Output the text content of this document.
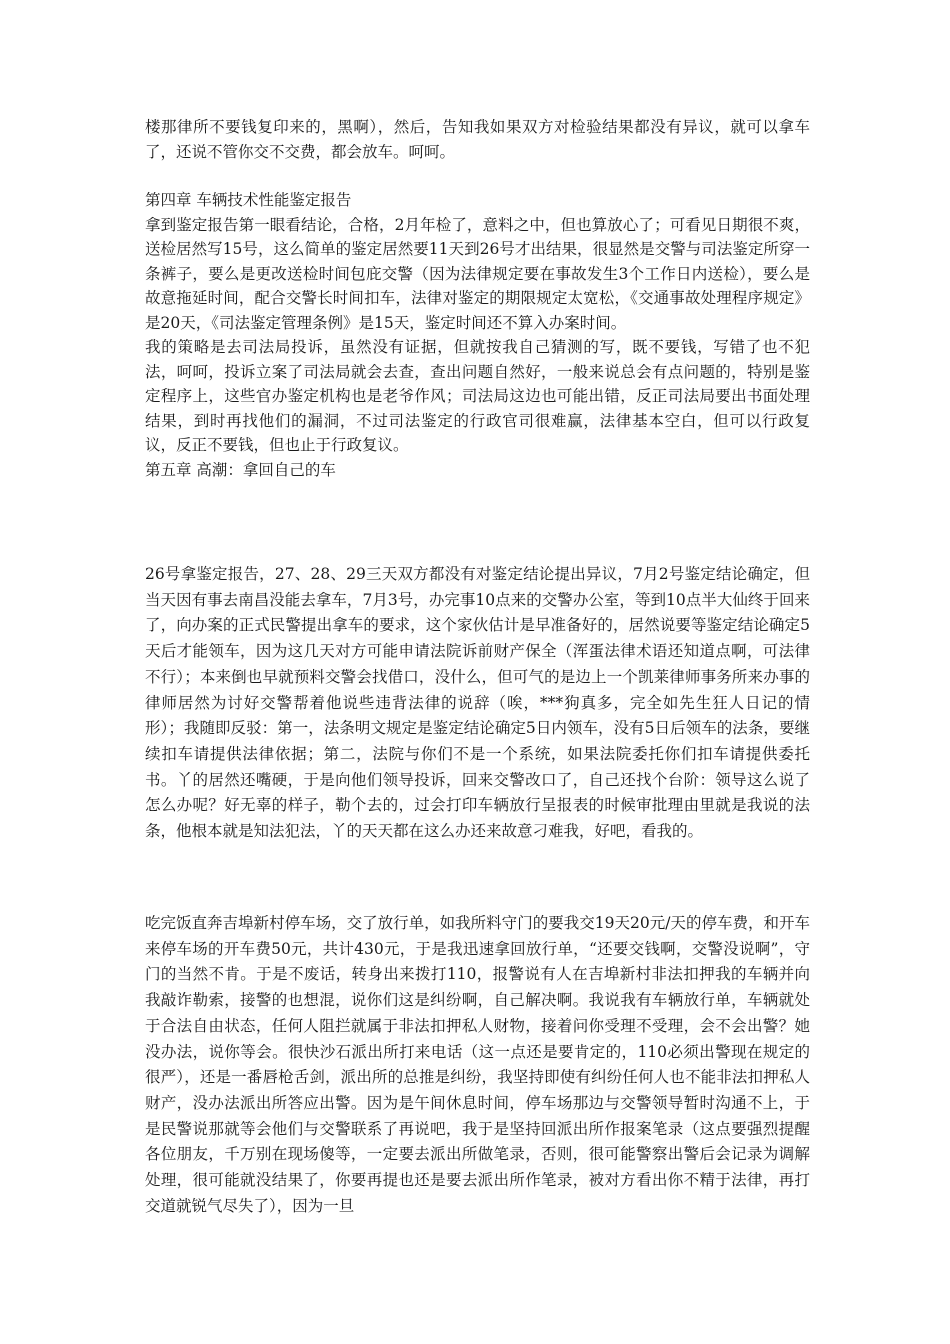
楼那律所不要钱复印来的，黑啊），然后，告知我如果双方对检验结果都没有异议，就可以拿车了，还说不管你交不交费，都会放车。呵呵。

第四章 车辆技术性能鉴定报告

拿到鉴定报告第一眼看结论，合格，2月年检了，意料之中，但也算放心了；可看见日期很不爽，送检居然写15号，这么简单的鉴定居然要11天到26号才出结果，很显然是交警与司法鉴定所穿一条裤子，要么是更改送检时间包庇交警（因为法律规定要在事故发生3个工作日内送检），要么是故意拖延时间，配合交警长时间扣车，法律对鉴定的期限规定太宽松，《交通事故处理程序规定》是20天，《司法鉴定管理条例》是15天，鉴定时间还不算入办案时间。

我的策略是去司法局投诉，虽然没有证据，但就按我自己猜测的写，既不要钱，写错了也不犯法，呵呵，投诉立案了司法局就会去查，查出问题自然好，一般来说总会有点问题的，特别是鉴定程序上，这些官办鉴定机构也是老爷作风；司法局这边也可能出错，反正司法局要出书面处理结果，到时再找他们的漏洞，不过司法鉴定的行政官司很难赢，法律基本空白，但可以行政复议，反正不要钱，但也止于行政复议。

第五章 高潮：拿回自己的车

26号拿鉴定报告，27、28、29三天双方都没有对鉴定结论提出异议，7月2号鉴定结论确定，但当天因有事去南昌没能去拿车，7月3号，办完事10点来的交警办公室，等到10点半大仙终于回来了，向办案的正式民警提出拿车的要求，这个家伙估计是早准备好的，居然说要等鉴定结论确定5天后才能领车，因为这几天对方可能申请法院诉前财产保全（浑蛋法律术语还知道点啊，可法律不行）；本来倒也早就预料交警会找借口，没什么，但可气的是边上一个凯莱律师事务所来办事的律师居然为讨好交警帮着他说些违背法律的说辞（唉，***狗真多，完全如先生狂人日记的情形）；我随即反驳：第一，法条明文规定是鉴定结论确定5日内领车，没有5日后领车的法条，要继续扣车请提供法律依据；第二，法院与你们不是一个系统，如果法院委托你们扣车请提供委托书。丫的居然还嘴硬，于是向他们领导投诉，回来交警改口了，自己还找个台阶：领导这么说了怎么办呢？好无辜的样子，勒个去的，过会打印车辆放行呈报表的时候审批理由里就是我说的法条，他根本就是知法犯法，丫的天天都在这么办还来故意刁难我，好吧，看我的。

吃完饭直奔吉埠新村停车场，交了放行单，如我所料守门的要我交19天20元/天的停车费，和开车来停车场的开车费50元，共计430元，于是我迅速拿回放行单，“还要交钱啊，交警没说啊”，守门的当然不肯。于是不废话，转身出来拨打110，报警说有人在吉埠新村非法扣押我的车辆并向我敲诈勒索，接警的也想混，说你们这是纠纷啊，自己解决啊。我说我有车辆放行单，车辆就处于合法自由状态，任何人阻拦就属于非法扣押私人财物，接着问你受理不受理，会不会出警？她没办法，说你等会。很快沙石派出所打来电话（这一点还是要肯定的，110必须出警现在规定的很严），还是一番唇枪舌剑，派出所的总推是纠纷，我坚持即使有纠纷任何人也不能非法扣押私人财产，没办法派出所答应出警。因为是午间休息时间，停车场那边与交警领导暂时沟通不上，于是民警说那就等会他们与交警联系了再说吧，我于是坚持回派出所作报案笔录（这点要强烈提醒各位朋友，千万别在现场傻等，一定要去派出所做笔录，否则，很可能警察出警后会记录为调解处理，很可能就没结果了，你要再提也还是要去派出所作笔录，被对方看出你不精于法律，再打交道就锐气尽失了），因为一旦
